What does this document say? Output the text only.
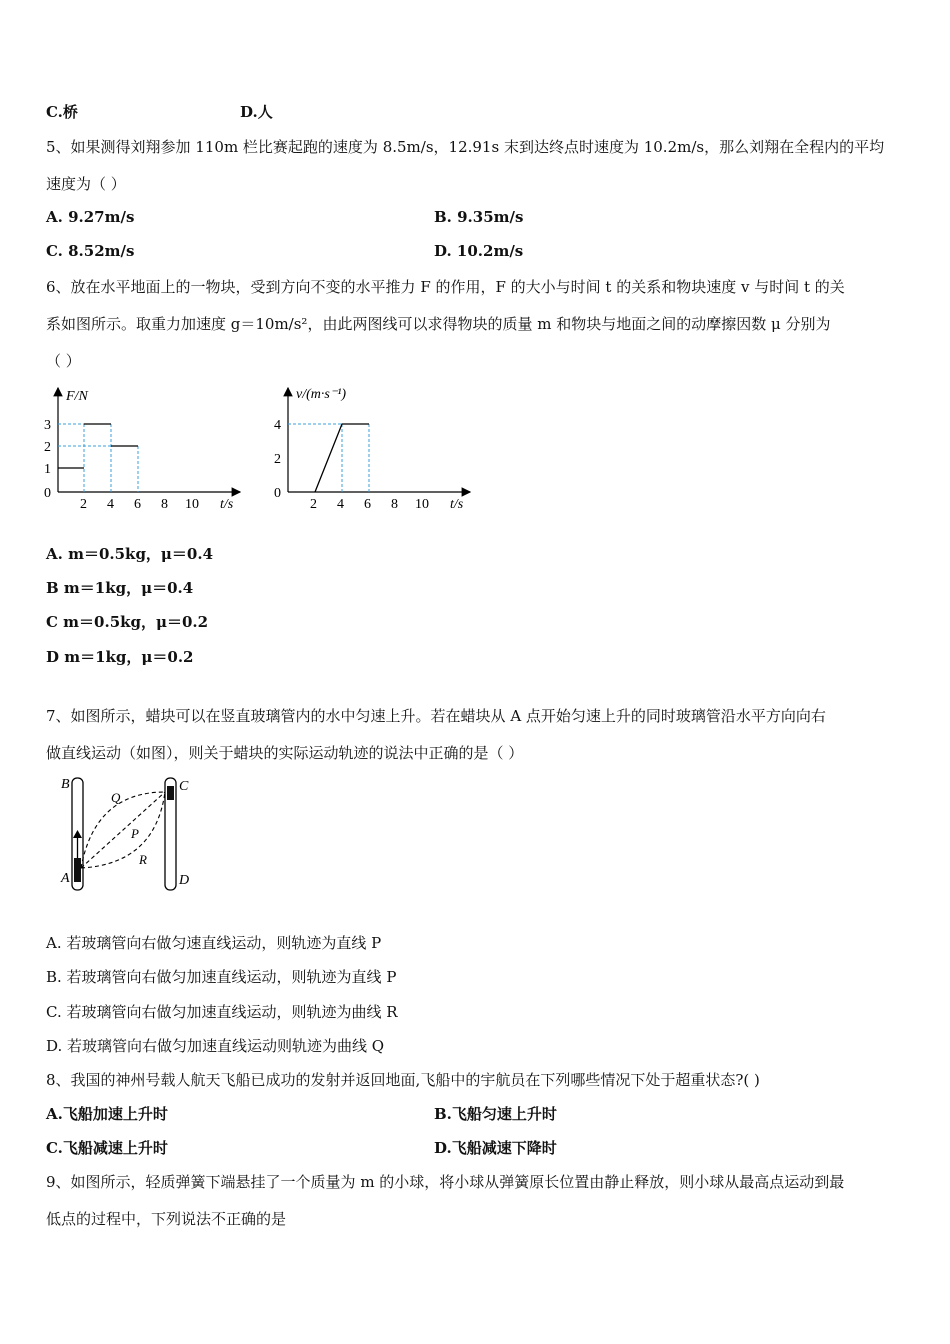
C.桥	D.人
5、如果测得刘翔参加 110m 栏比赛起跑的速度为 8.5m/s，12.91s 末到达终点时速度为 10.2m/s，那么刘翔在全程内的平均
速度为（ ）
A. 9.27m/s	B. 9.35m/s
C. 8.52m/s	D. 10.2m/s
6、放在水平地面上的一物块，受到方向不变的水平推力 F 的作用，F 的大小与时间 t 的关系和物块速度 v 与时间 t 的关
系如图所示。取重力加速度 g＝10m/s²，由此两图线可以求得物块的质量 m 和物块与地面之间的动摩擦因数 μ 分别为
（ ）
F/N
3
2
1
0
2 4 6 8 10 t/s
v/(m·s⁻¹)
4
2
0
2 4 6 8 10 t/s
A. m＝0.5kg，μ＝0.4
B m＝1kg，μ＝0.4
C m＝0.5kg，μ＝0.2
D m＝1kg，μ＝0.2
7、如图所示，蜡块可以在竖直玻璃管内的水中匀速上升。若在蜡块从 A 点开始匀速上升的同时玻璃管沿水平方向向右
做直线运动（如图），则关于蜡块的实际运动轨迹的说法中正确的是（ ）
B
A
C
D
Q
P
R
A. 若玻璃管向右做匀速直线运动，则轨迹为直线 P
B. 若玻璃管向右做匀加速直线运动，则轨迹为直线 P
C. 若玻璃管向右做匀加速直线运动，则轨迹为曲线 R
D. 若玻璃管向右做匀加速直线运动则轨迹为曲线 Q
8、我国的神州号载人航天飞船已成功的发射并返回地面,飞船中的宇航员在下列哪些情况下处于超重状态?( )
A.飞船加速上升时	B.飞船匀速上升时
C.飞船减速上升时	D.飞船减速下降时
9、如图所示，轻质弹簧下端悬挂了一个质量为 m 的小球，将小球从弹簧原长位置由静止释放，则小球从最高点运动到最
低点的过程中，下列说法不正确的是
